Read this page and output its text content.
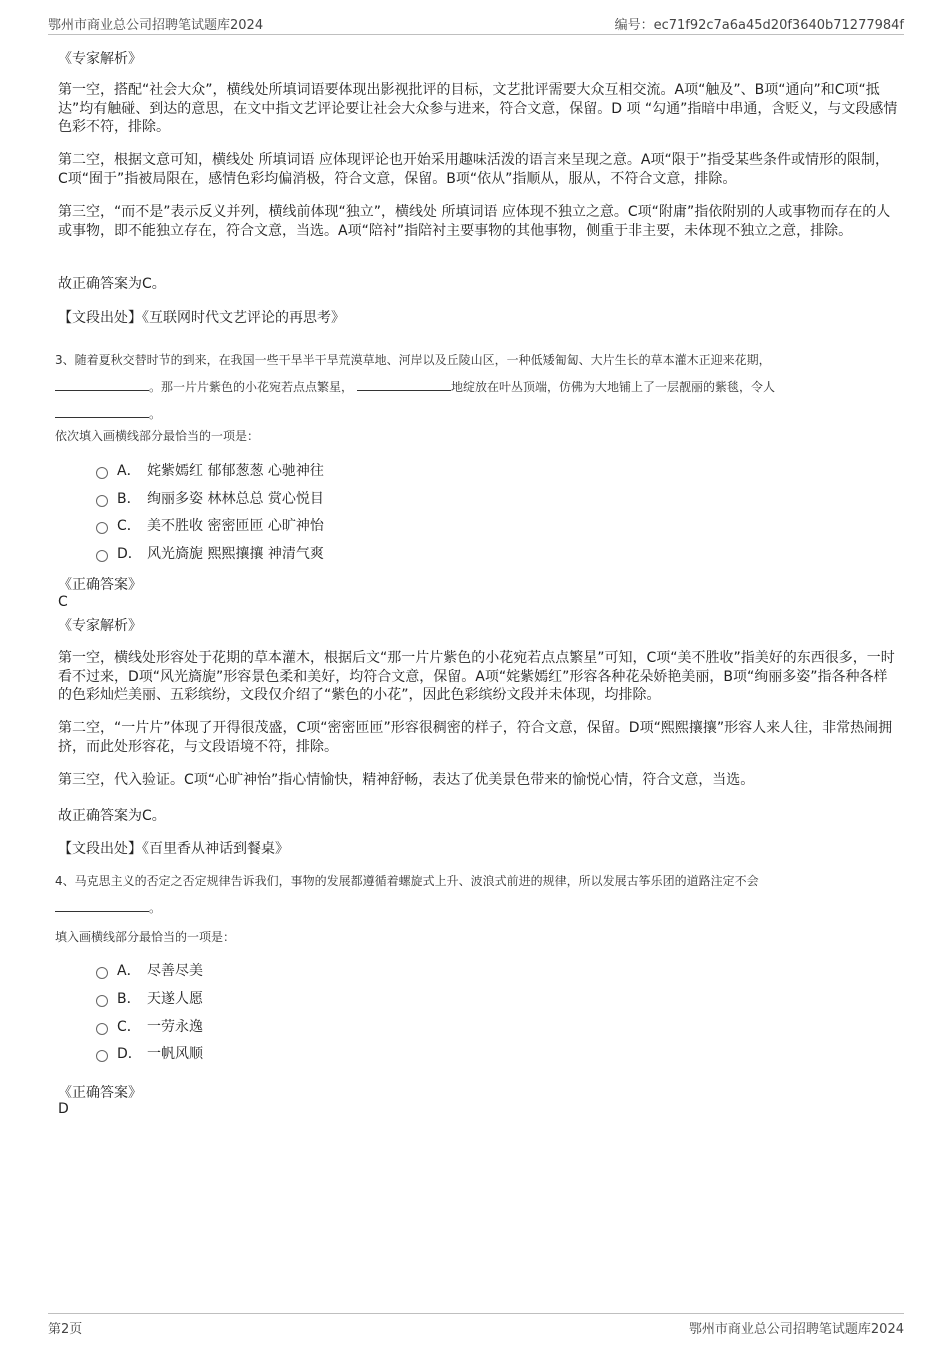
鄂州市商业总公司招聘笔试题库2024	编号：ec71f92c7a6a45d20f3640b71277984f
《专家解析》
第一空，搭配“社会大众”，横线处所填词语要体现出影视批评的目标，文艺批评需要大众互相交流。A项“触及”、B项“通向”和C项“抵达”均有触碰、到达的意思，在文中指文艺评论要让社会大众参与进来，符合文意，保留。D 项 “勾通”指暗中串通，含贬义，与文段感情色彩不符，排除。
第二空，根据文意可知，横线处 所填词语 应体现评论也开始采用趣味活泼的语言来呈现之意。A项“限于”指受某些条件或情形的限制，C项“囿于”指被局限在，感情色彩均偏消极，符合文意，保留。B项“依从”指顺从，服从，不符合文意，排除。
第三空，“而不是”表示反义并列，横线前体现“独立”，横线处 所填词语 应体现不独立之意。C项“附庸”指依附别的人或事物而存在的人或事物，即不能独立存在，符合文意，当选。A项“陪衬”指陪衬主要事物的其他事物，侧重于非主要，未体现不独立之意，排除。
故正确答案为C。
【文段出处】《互联网时代文艺评论的再思考》
3、随着夏秋交替时节的到来，在我国一些干旱半干旱荒漠草地、河岸以及丘陵山区，一种低矮匍匐、大片生长的草本灌木正迎来花期，
。那一片片紫色的小花宛若点点繁星，	地绽放在叶丛顶端，仿佛为大地铺上了一层靓丽的紫毯，令人
。
依次填入画横线部分最恰当的一项是：
A． 姹紫嫣红 郁郁葱葱 心驰神往
B． 绚丽多姿 林林总总 赏心悦目
C． 美不胜收 密密匝匝 心旷神怡
D． 风光旖旎 熙熙攘攘 神清气爽
《正确答案》
C
《专家解析》
第一空，横线处形容处于花期的草本灌木，根据后文“那一片片紫色的小花宛若点点繁星”可知，C项“美不胜收”指美好的东西很多，一时看不过来，D项“风光旖旎”形容景色柔和美好，均符合文意，保留。A项“姹紫嫣红”形容各种花朵娇艳美丽，B项“绚丽多姿”指各种各样的色彩灿烂美丽、五彩缤纷，文段仅介绍了“紫色的小花”，因此色彩缤纷文段并未体现，均排除。
第二空，“一片片”体现了开得很茂盛，C项“密密匝匝”形容很稠密的样子，符合文意，保留。D项“熙熙攘攘”形容人来人往，非常热闹拥挤，而此处形容花，与文段语境不符，排除。
第三空，代入验证。C项“心旷神怡”指心情愉快，精神舒畅，表达了优美景色带来的愉悦心情，符合文意，当选。
故正确答案为C。
【文段出处】《百里香从神话到餐桌》
4、马克思主义的否定之否定规律告诉我们，事物的发展都遵循着螺旋式上升、波浪式前进的规律，所以发展古筝乐团的道路注定不会
。
填入画横线部分最恰当的一项是：
A． 尽善尽美
B． 天遂人愿
C． 一劳永逸
D． 一帆风顺
《正确答案》
D
第2页	鄂州市商业总公司招聘笔试题库2024
